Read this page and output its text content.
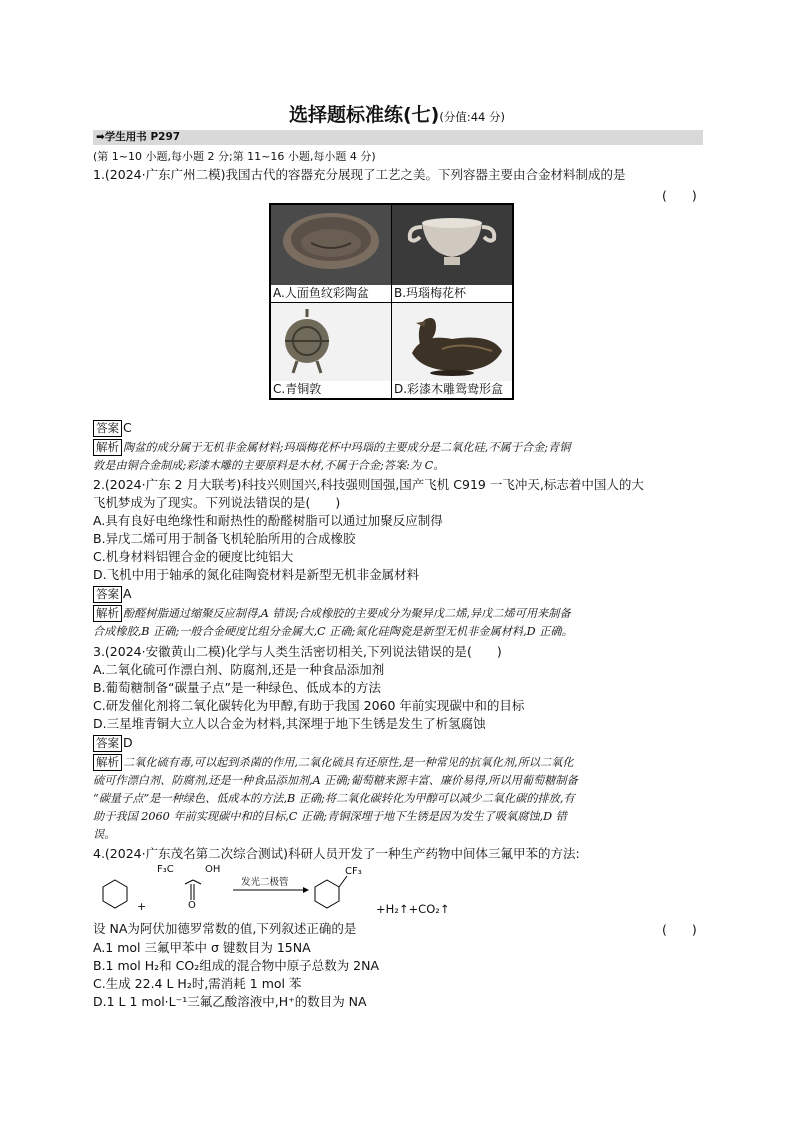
选择题标准练(七)(分值:44 分)
➡学生用书 P297
(第 1~10 小题,每小题 2 分;第 11~16 小题,每小题 4 分)
1.(2024·广东广州二模)我国古代的容器充分展现了工艺之美。下列容器主要由合金材料制成的是
(　　)
A.人面鱼纹彩陶盆	B.玛瑙梅花杯

C.青铜敦	D.彩漆木雕鸳鸯形盒
答案 C
解析 陶盆的成分属于无机非金属材料;玛瑙梅花杯中玛瑙的主要成分是二氧化硅,不属于合金;青铜
敦是由铜合金制成;彩漆木雕的主要原料是木材,不属于合金;答案:为 C。
2.(2024·广东 2 月大联考)科技兴则国兴,科技强则国强,国产飞机 C919 一飞冲天,标志着中国人的大
飞机梦成为了现实。下列说法错误的是(　　)
A.具有良好电绝缘性和耐热性的酚醛树脂可以通过加聚反应制得
B.异戊二烯可用于制备飞机轮胎所用的合成橡胶
C.机身材料铝锂合金的硬度比纯铝大
D.飞机中用于轴承的氮化硅陶瓷材料是新型无机非金属材料
答案 A
解析 酚醛树脂通过缩聚反应制得,A 错误;合成橡胶的主要成分为聚异戊二烯,异戊二烯可用来制备
合成橡胶,B 正确;一般合金硬度比组分金属大,C 正确;氮化硅陶瓷是新型无机非金属材料,D 正确。
3.(2024·安徽黄山二模)化学与人类生活密切相关,下列说法错误的是(　　)
A.二氧化硫可作漂白剂、防腐剂,还是一种食品添加剂
B.葡萄糖制备“碳量子点”是一种绿色、低成本的方法
C.研发催化剂将二氧化碳转化为甲醇,有助于我国 2060 年前实现碳中和的目标
D.三星堆青铜大立人以合金为材料,其深埋于地下生锈是发生了析氢腐蚀
答案 D
解析 二氧化硫有毒,可以起到杀菌的作用,二氧化硫具有还原性,是一种常见的抗氧化剂,所以二氧化
硫可作漂白剂、防腐剂,还是一种食品添加剂,A 正确;葡萄糖来源丰富、廉价易得,所以用葡萄糖制备
“碳量子点”是一种绿色、低成本的方法,B 正确;将二氧化碳转化为甲醇可以减少二氧化碳的排放,有
助于我国 2060 年前实现碳中和的目标,C 正确;青铜深埋于地下生锈是因为发生了吸氧腐蚀,D 错
误。
4.(2024·广东茂名第二次综合测试)科研人员开发了一种生产药物中间体三氟甲苯的方法:
+
F₃C	OH
O
发光二极管
CF₃
+H₂↑+CO₂↑
设 NA为阿伏加德罗常数的值,下列叙述正确的是	(　　)
A.1 mol 三氟甲苯中 σ 键数目为 15NA
B.1 mol H₂和 CO₂组成的混合物中原子总数为 2NA
C.生成 22.4 L H₂时,需消耗 1 mol 苯
D.1 L 1 mol·L⁻¹三氟乙酸溶液中,H⁺的数目为 NA
